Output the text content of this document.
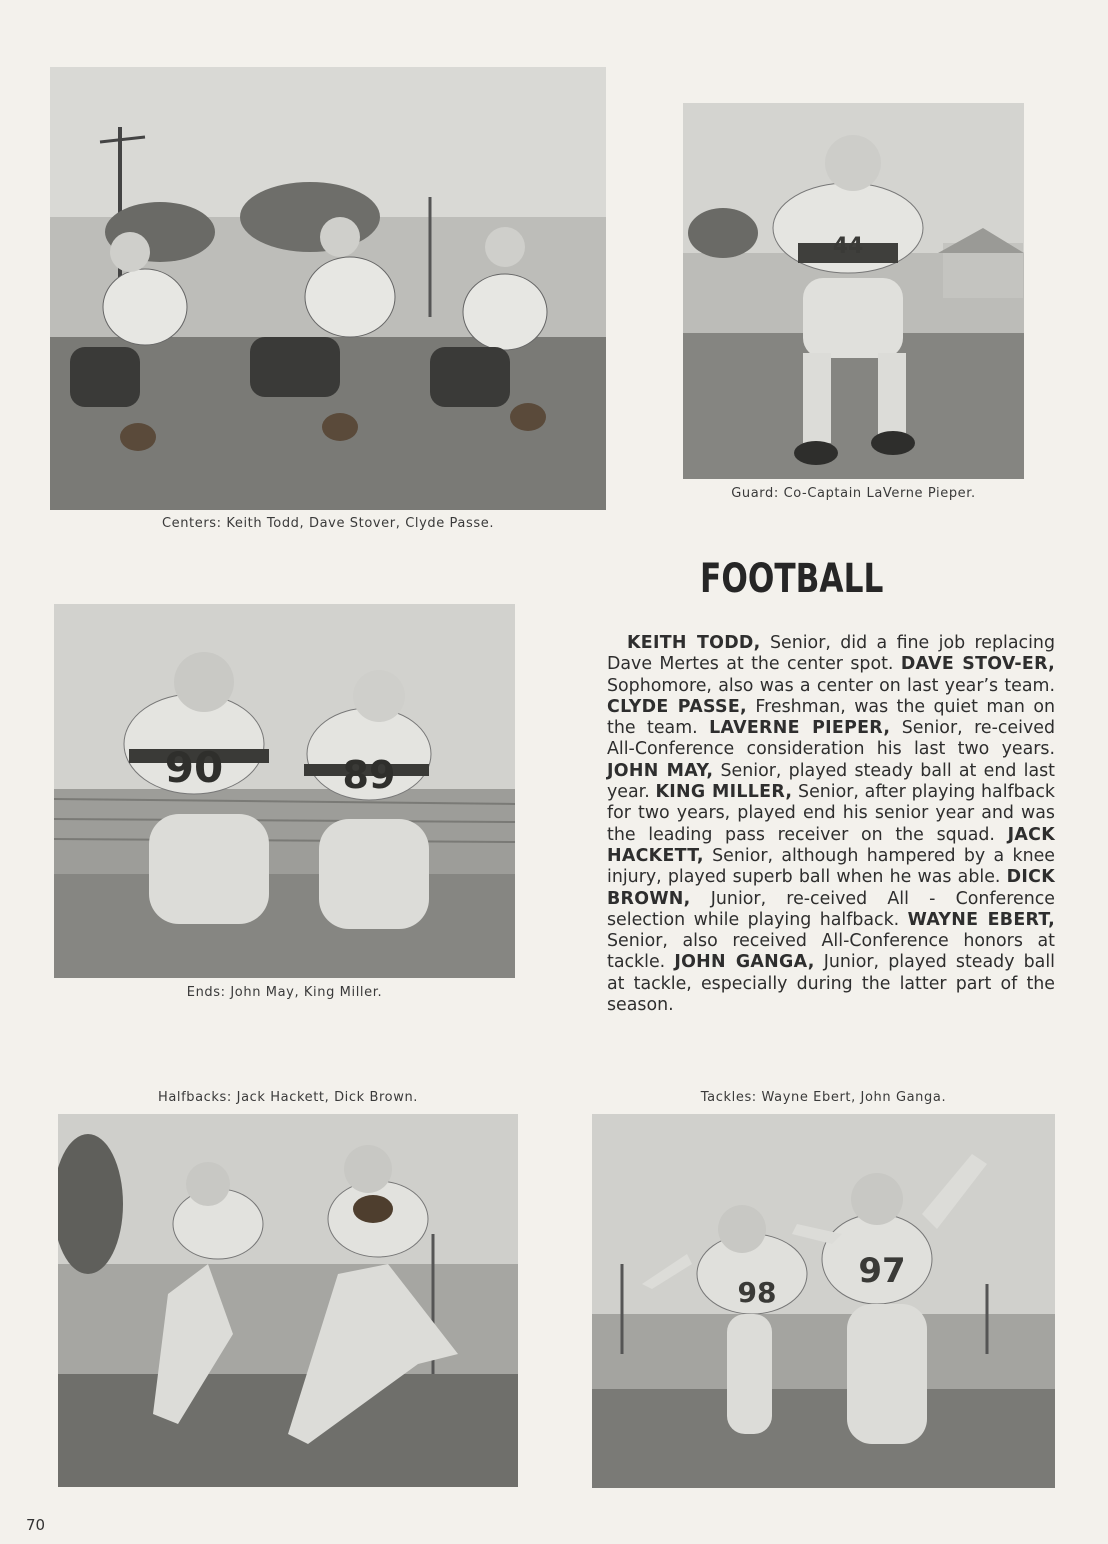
Centers: Keith Todd, Dave Stover, Clyde Passe.
44
Guard: Co-Captain LaVerne Pieper.
FOOTBALL
KEITH TODD, Senior, did a fine job replacing Dave Mertes at the center spot. DAVE STOV-ER, Sophomore, also was a center on last year’s team. CLYDE PASSE, Freshman, was the quiet man on the team. LAVERNE PIEPER, Senior, re-ceived All-Conference consideration his last two years. JOHN MAY, Senior, played steady ball at end last year. KING MILLER, Senior, after playing halfback for two years, played end his senior year and was the leading pass receiver on the squad. JACK HACKETT, Senior, although hampered by a knee injury, played superb ball when he was able. DICK BROWN, Junior, re-ceived All - Conference selection while playing halfback. WAYNE EBERT, Senior, also received All-Conference honors at tackle. JOHN GANGA, Junior, played steady ball at tackle, especially during the latter part of the season.
90	89
Ends: John May, King Miller.
Halfbacks: Jack Hackett, Dick Brown.	Tackles: Wayne Ebert, John Ganga.
98
97
70
